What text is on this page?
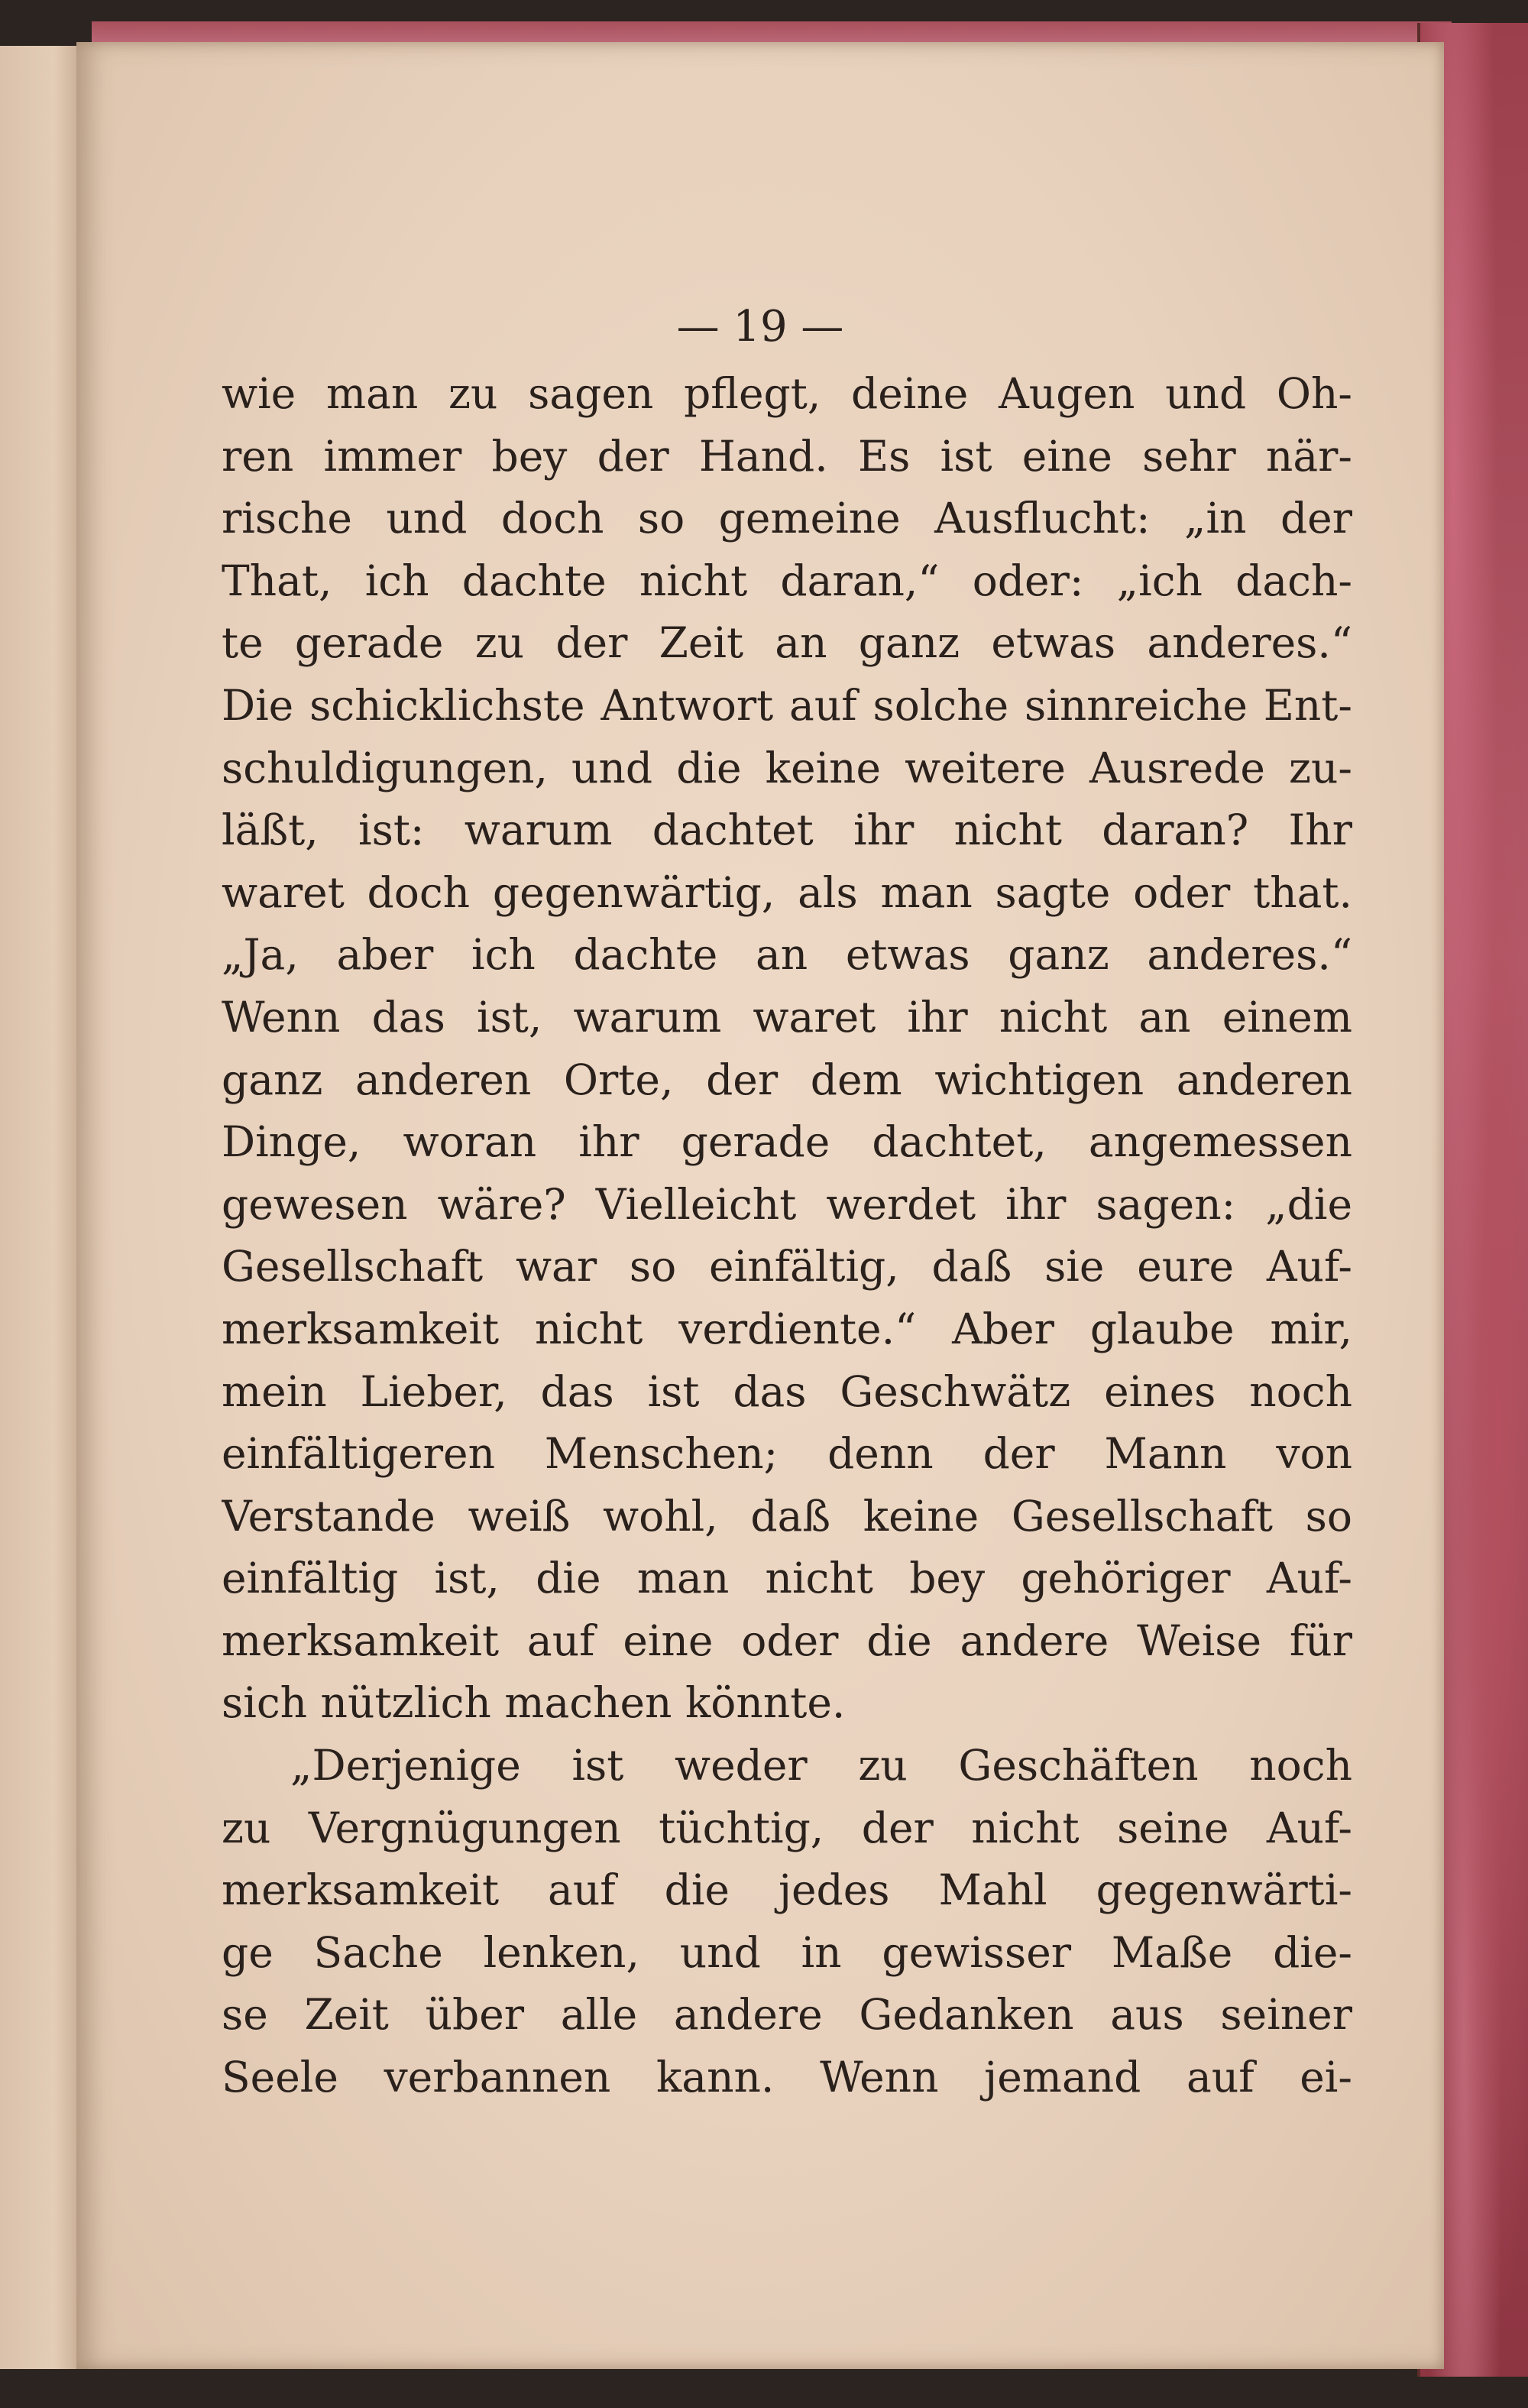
— 19 —
wie man zu sagen pflegt, deine Augen und Oh-
ren immer bey der Hand. Es ist eine sehr när-
rische und doch so gemeine Ausflucht: „in der
That, ich dachte nicht daran,“ oder: „ich dach-
te gerade zu der Zeit an ganz etwas anderes.“
Die schicklichste Antwort auf solche sinnreiche Ent-
schuldigungen, und die keine weitere Ausrede zu-
läßt, ist: warum dachtet ihr nicht daran? Ihr
waret doch gegenwärtig, als man sagte oder that.
„Ja, aber ich dachte an etwas ganz anderes.“
Wenn das ist, warum waret ihr nicht an einem
ganz anderen Orte, der dem wichtigen anderen
Dinge, woran ihr gerade dachtet, angemessen
gewesen wäre? Vielleicht werdet ihr sagen: „die
Gesellschaft war so einfältig, daß sie eure Auf-
merksamkeit nicht verdiente.“ Aber glaube mir,
mein Lieber, das ist das Geschwätz eines noch
einfältigeren Menschen; denn der Mann von
Verstande weiß wohl, daß keine Gesellschaft so
einfältig ist, die man nicht bey gehöriger Auf-
merksamkeit auf eine oder die andere Weise für
sich nützlich machen könnte.
„Derjenige ist weder zu Geschäften noch
zu Vergnügungen tüchtig, der nicht seine Auf-
merksamkeit auf die jedes Mahl gegenwärti-
ge Sache lenken, und in gewisser Maße die-
se Zeit über alle andere Gedanken aus seiner
Seele verbannen kann. Wenn jemand auf ei-
